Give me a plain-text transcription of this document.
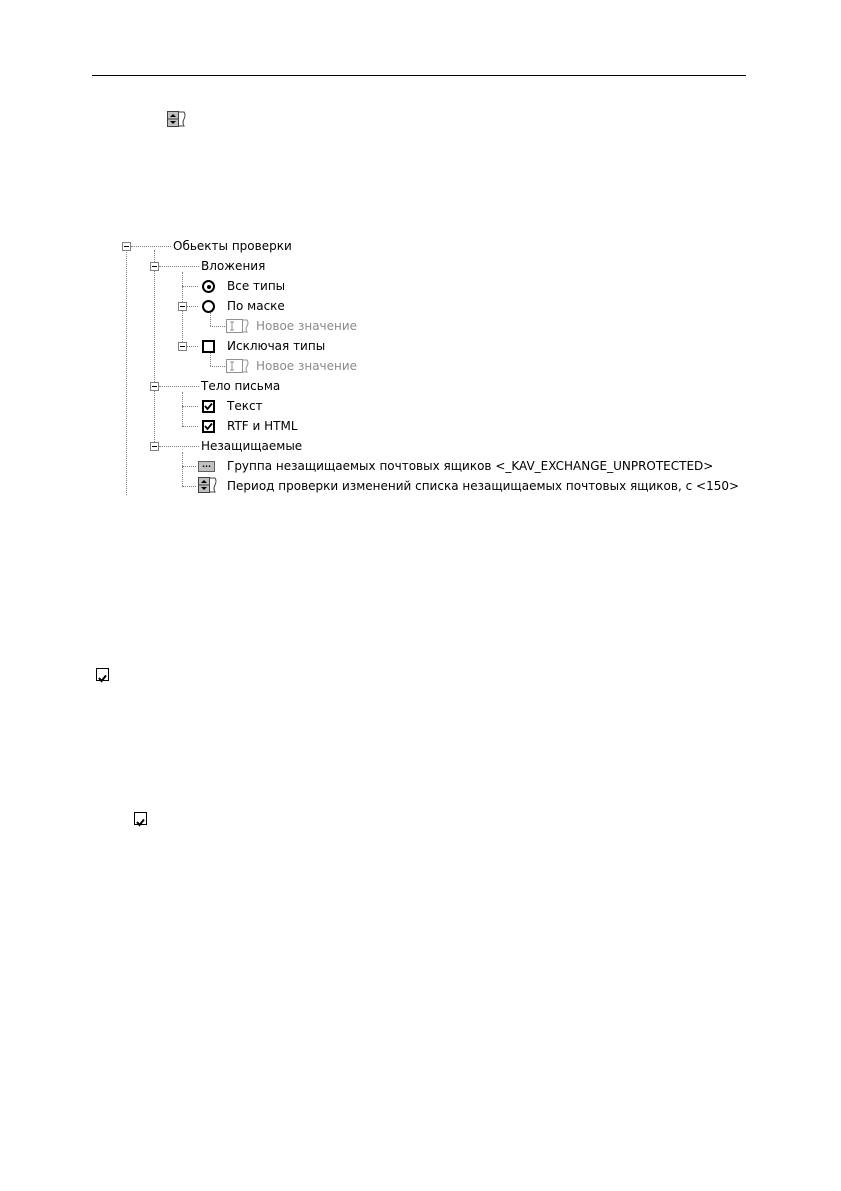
Обьекты проверки
Вложения
Все типы
По маске
Новое значение
Исключая типы
Новое значение
Тело письма
Текст
RTF и HTML
Незащищаемые
...	Группа незащищаемых почтовых ящиков <_KAV_EXCHANGE_UNPROTECTED>
Период проверки изменений списка незащищаемых почтовых ящиков, с <150>
